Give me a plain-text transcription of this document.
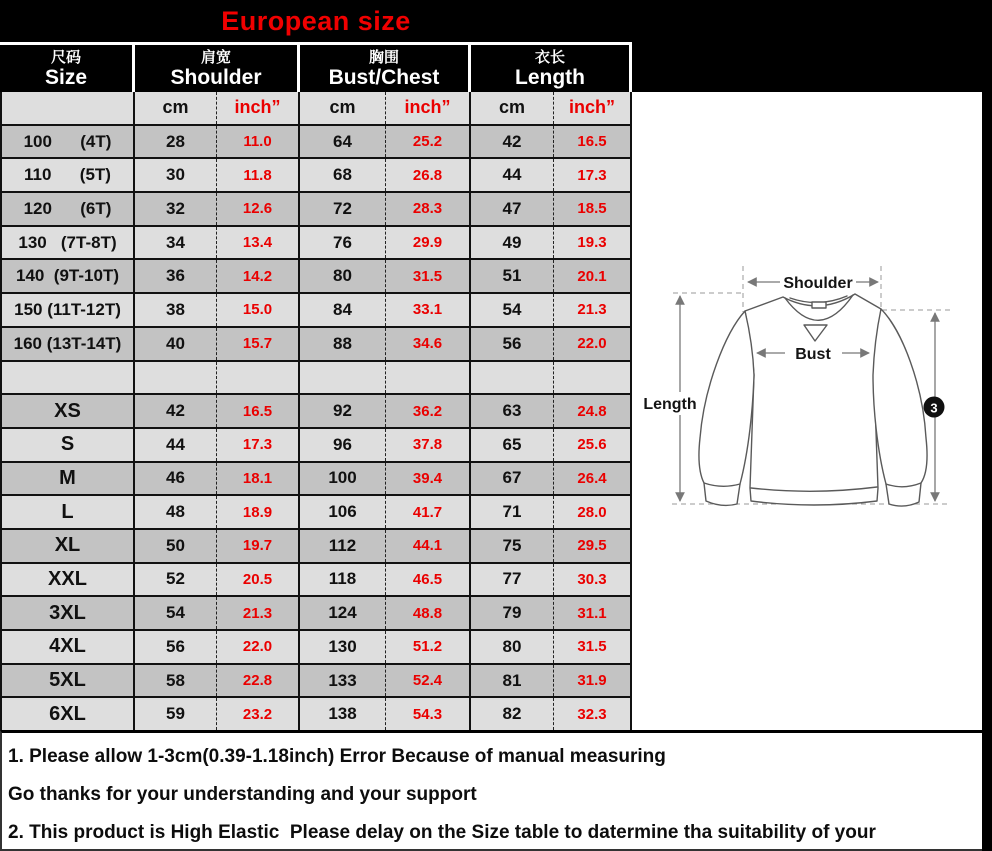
European size
尺码
Size
肩宽
Shoulder
胸围
Bust/Chest
衣长
Length
cm	inch”	cm	inch”	cm	inch”
100      (4T)	28	11.0	64	25.2	42	16.5
110      (5T)	30	11.8	68	26.8	44	17.3
120      (6T)	32	12.6	72	28.3	47	18.5
130   (7T-8T)	34	13.4	76	29.9	49	19.3
140  (9T-10T)	36	14.2	80	31.5	51	20.1
150 (11T-12T)	38	15.0	84	33.1	54	21.3
160 (13T-14T)	40	15.7	88	34.6	56	22.0
XS	42	16.5	92	36.2	63	24.8
S	44	17.3	96	37.8	65	25.6
M	46	18.1	100	39.4	67	26.4
L	48	18.9	106	41.7	71	28.0
XL	50	19.7	112	44.1	75	29.5
XXL	52	20.5	118	46.5	77	30.3
3XL	54	21.3	124	48.8	79	31.1
4XL	56	22.0	130	51.2	80	31.5
5XL	58	22.8	133	52.4	81	31.9
6XL	59	23.2	138	54.3	82	32.3
Shoulder
Bust
Length	3
1. Please allow 1-3cm(0.39-1.18inch) Error Because of manual measuring
Go thanks for your understanding and your support
2. This product is High Elastic  Please delay on the Size table to datermine tha suitability of your
